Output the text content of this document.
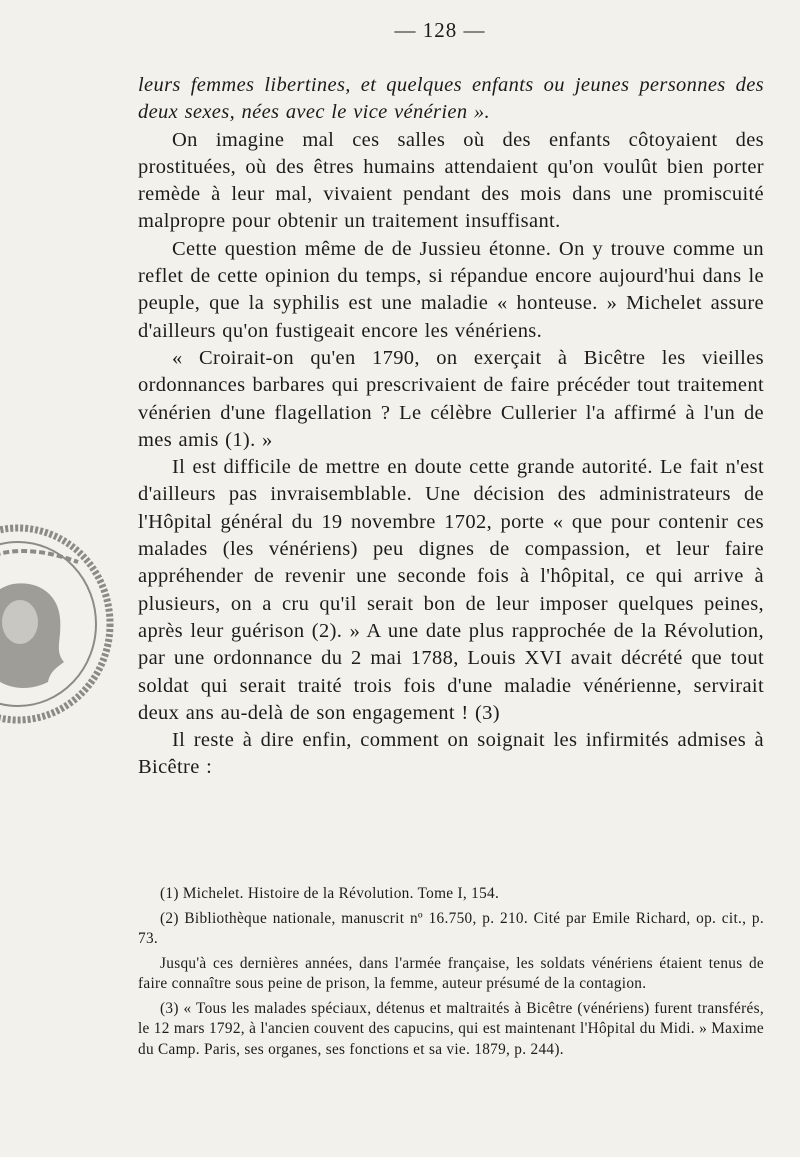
— 128 —

leurs femmes libertines, et quelques enfants ou jeunes personnes des deux sexes, nées avec le vice vénérien ».

On imagine mal ces salles où des enfants côtoyaient des prostituées, où des êtres humains attendaient qu'on voulût bien porter remède à leur mal, vivaient pendant des mois dans une promiscuité malpropre pour obtenir un traitement insuffisant.

Cette question même de de Jussieu étonne. On y trouve comme un reflet de cette opinion du temps, si répandue encore aujourd'hui dans le peuple, que la syphilis est une maladie « honteuse. » Michelet assure d'ailleurs qu'on fustigeait encore les vénériens.

« Croirait-on qu'en 1790, on exerçait à Bicêtre les vieilles ordonnances barbares qui prescrivaient de faire précéder tout traitement vénérien d'une flagellation ? Le célèbre Cullerier l'a affirmé à l'un de mes amis (1). »

Il est difficile de mettre en doute cette grande autorité. Le fait n'est d'ailleurs pas invraisemblable. Une décision des administrateurs de l'Hôpital général du 19 novembre 1702, porte « que pour contenir ces malades (les vénériens) peu dignes de compassion, et leur faire appréhender de revenir une seconde fois à l'hôpital, ce qui arrive à plusieurs, on a cru qu'il serait bon de leur imposer quelques peines, après leur guérison (2). » A une date plus rapprochée de la Révolution, par une ordonnance du 2 mai 1788, Louis XVI avait décrété que tout soldat qui serait traité trois fois d'une maladie vénérienne, servirait deux ans au-delà de son engagement ! (3)

Il reste à dire enfin, comment on soignait les infirmités admises à Bicêtre :

(1) Michelet. Histoire de la Révolution. Tome I, 154.

(2) Bibliothèque nationale, manuscrit nº 16.750, p. 210. Cité par Emile Richard, op. cit., p. 73.

Jusqu'à ces dernières années, dans l'armée française, les soldats vénériens étaient tenus de faire connaître sous peine de prison, la femme, auteur présumé de la contagion.

(3) « Tous les malades spéciaux, détenus et maltraités à Bicêtre (vénériens) furent transférés, le 12 mars 1792, à l'ancien couvent des capucins, qui est maintenant l'Hôpital du Midi. » Maxime du Camp. Paris, ses organes, ses fonctions et sa vie. 1879, p. 244).
